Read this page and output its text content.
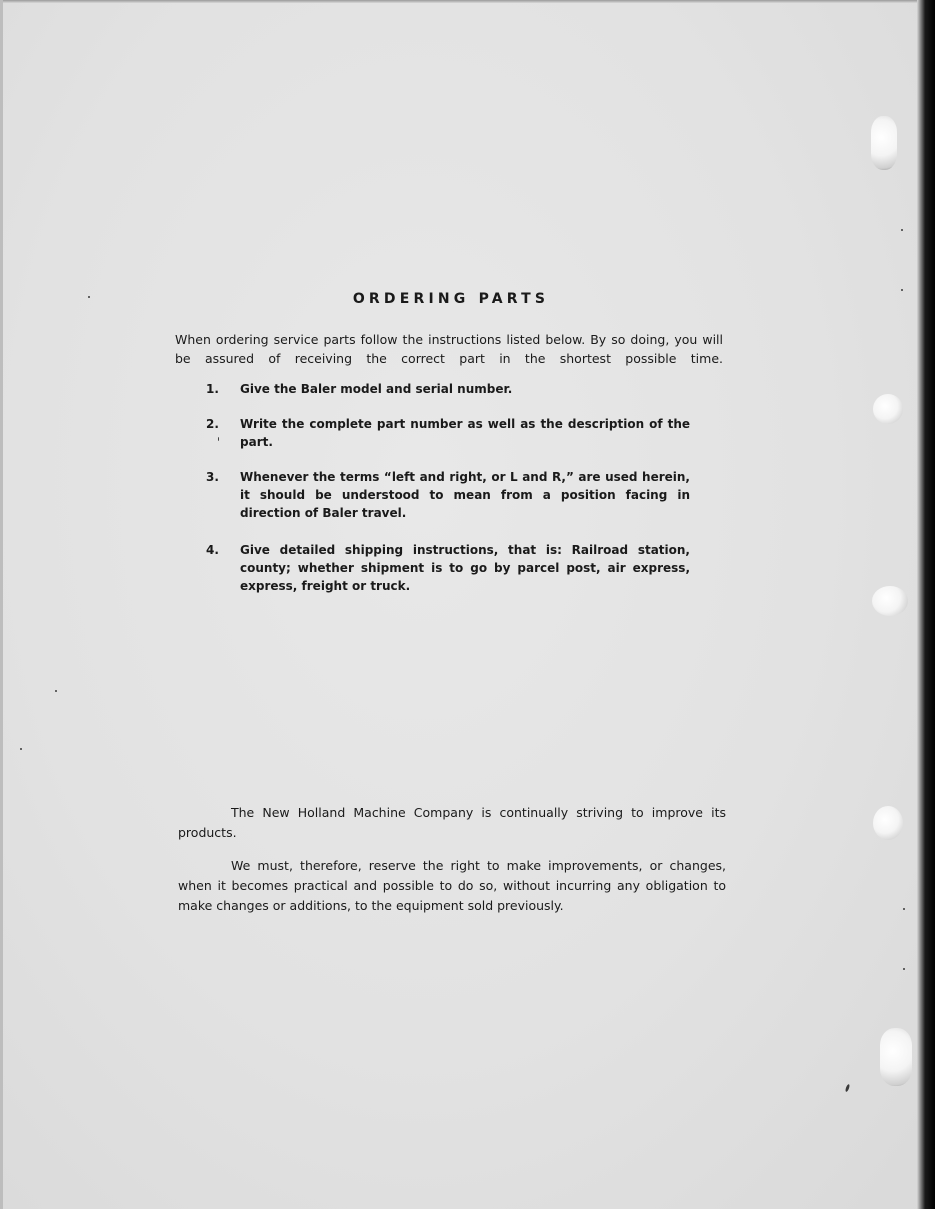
ORDERING PARTS

When ordering service parts follow the instructions listed below. By so doing, you will be assured of receiving the correct part in the shortest possible time.

1.	Give the Baler model and serial number.
2.	Write the complete part number as well as the description of the part.
3.	Whenever the terms “left and right, or L and R,” are used herein, it should be understood to mean from a position facing in direction of Baler travel.
4.	Give detailed shipping instructions, that is: Railroad station, county; whether shipment is to go by parcel post, air express, express, freight or truck.

The New Holland Machine Company is continually striving to improve its products.

We must, therefore, reserve the right to make improvements, or changes, when it becomes practical and possible to do so, without incurring any obligation to make changes or additions, to the equipment sold previously.
